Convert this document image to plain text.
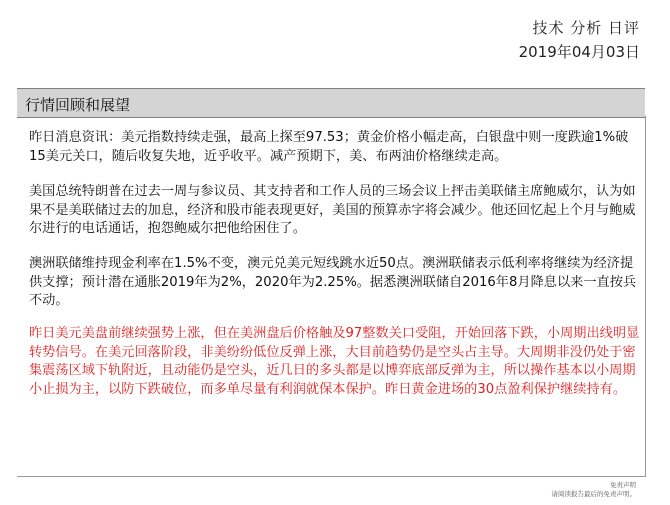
技术 分析 日评
2019年04月03日
行情回顾和展望

昨日消息资讯：美元指数持续走强，最高上探至97.53；黄金价格小幅走高，白银盘中则一度跌逾1%破15美元关口，随后收复失地，近乎收平。减产预期下，美、布两油价格继续走高。

美国总统特朗普在过去一周与参议员、其支持者和工作人员的三场会议上抨击美联储主席鲍威尔，认为如果不是美联储过去的加息，经济和股市能表现更好，美国的预算赤字将会减少。他还回忆起上个月与鲍威尔进行的电话通话，抱怨鲍威尔把他给困住了。

澳洲联储维持现金利率在1.5%不变，澳元兑美元短线跳水近50点。澳洲联储表示低利率将继续为经济提供支撑；预计潜在通胀2019年为2%，2020年为2.25%。据悉澳洲联储自2016年8月降息以来一直按兵不动。

昨日美元美盘前继续强势上涨，但在美洲盘后价格触及97整数关口受阻，开始回落下跌，小周期出线明显转势信号。在美元回落阶段，非美纷纷低位反弹上涨，大目前趋势仍是空头占主导。大周期非没仍处于密集震荡区域下轨附近，且动能仍是空头，近几日的多头都是以博弈底部反弹为主，所以操作基本以小周期小止损为主，以防下跌破位，而多单尽量有利润就保本保护。昨日黄金进场的30点盈利保护继续持有。

免责声明
请阅读报告最后的免责声明。
